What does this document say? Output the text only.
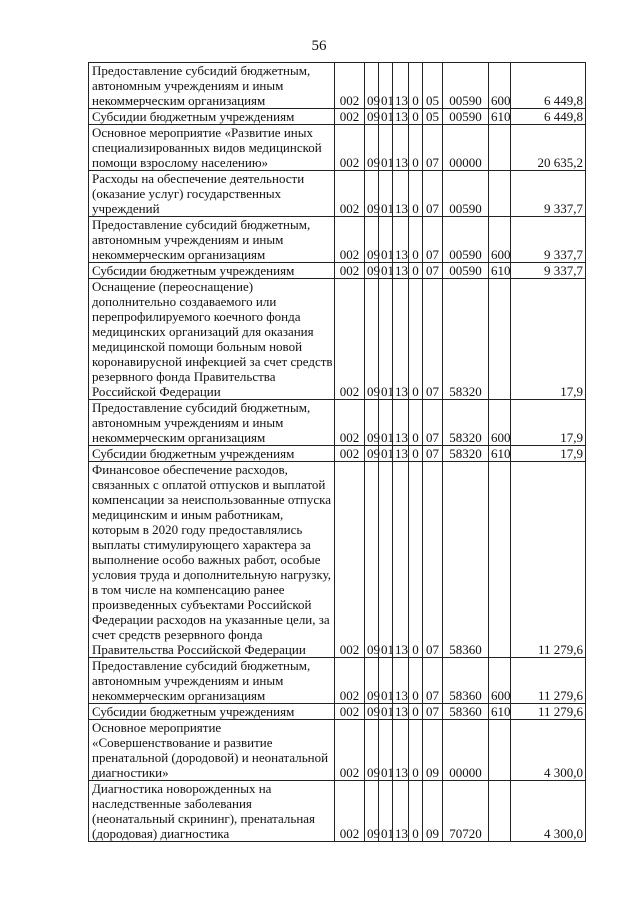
56
Предоставление субсидий бюджетным, автономным учреждениям и иным некоммерческим организациям	002	09	01	13	0	05	00590	600	6 449,8
Субсидии бюджетным учреждениям	002	09	01	13	0	05	00590	610	6 449,8
Основное мероприятие «Развитие иных специализированных видов медицинской помощи взрослому населению»	002	09	01	13	0	07	00000		20 635,2
Расходы на обеспечение деятельности (оказание услуг) государственных учреждений	002	09	01	13	0	07	00590		9 337,7
Предоставление субсидий бюджетным, автономным учреждениям и иным некоммерческим организациям	002	09	01	13	0	07	00590	600	9 337,7
Субсидии бюджетным учреждениям	002	09	01	13	0	07	00590	610	9 337,7
Оснащение (переоснащение) дополнительно создаваемого или перепрофилируемого коечного фонда медицинских организаций для оказания медицинской помощи больным новой коронавирусной инфекцией за счет средств резервного фонда Правительства Российской Федерации	002	09	01	13	0	07	58320		17,9
Предоставление субсидий бюджетным, автономным учреждениям и иным некоммерческим организациям	002	09	01	13	0	07	58320	600	17,9
Субсидии бюджетным учреждениям	002	09	01	13	0	07	58320	610	17,9
Финансовое обеспечение расходов, связанных с оплатой отпусков и выплатой компенсации за неиспользованные отпуска медицинским и иным работникам, которым в 2020 году предоставлялись выплаты стимулирующего характера за выполнение особо важных работ, особые условия труда и дополнительную нагрузку, в том числе на компенсацию ранее произведенных субъектами Российской Федерации расходов на указанные цели, за счет средств резервного фонда Правительства Российской Федерации	002	09	01	13	0	07	58360		11 279,6
Предоставление субсидий бюджетным, автономным учреждениям и иным некоммерческим организациям	002	09	01	13	0	07	58360	600	11 279,6
Субсидии бюджетным учреждениям	002	09	01	13	0	07	58360	610	11 279,6
Основное мероприятие «Совершенствование и развитие пренатальной (дородовой) и неонатальной диагностики»	002	09	01	13	0	09	00000		4 300,0
Диагностика новорожденных на наследственные заболевания (неонатальный скрининг), пренатальная (дородовая) диагностика	002	09	01	13	0	09	70720		4 300,0
